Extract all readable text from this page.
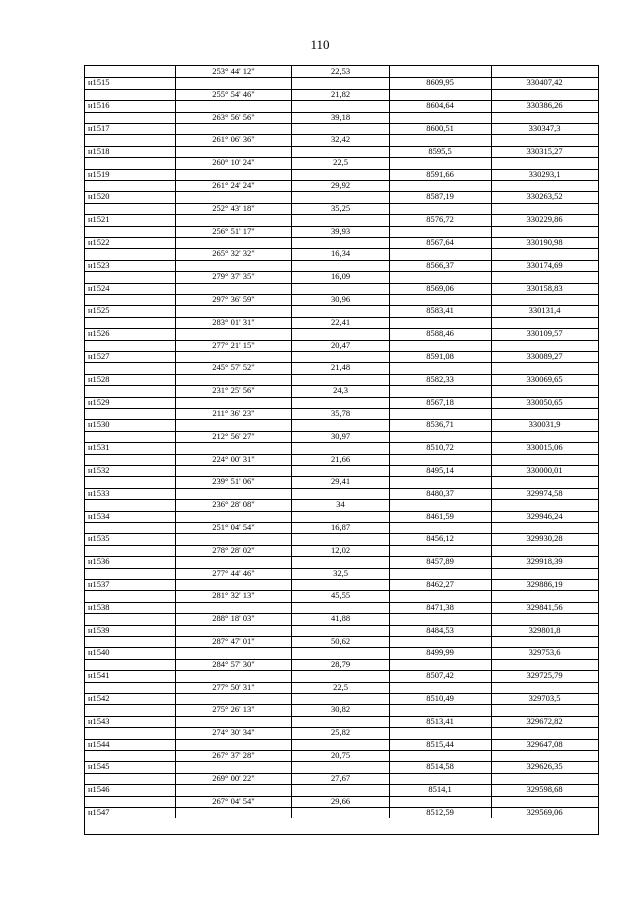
110
253° 44' 12"	22,53
н1515	8609,95	330407,42
255° 54' 46"	21,82
н1516	8604,64	330386,26
263° 56' 56"	39,18
н1517	8600,51	330347,3
261° 06' 36"	32,42
н1518	8595,5	330315,27
260° 10' 24"	22,5
н1519	8591,66	330293,1
261° 24' 24"	29,92
н1520	8587,19	330263,52
252° 43' 18"	35,25
н1521	8576,72	330229,86
256° 51' 17"	39,93
н1522	8567,64	330190,98
265° 32' 32"	16,34
н1523	8566,37	330174,69
279° 37' 35"	16,09
н1524	8569,06	330158,83
297° 36' 59"	30,96
н1525	8583,41	330131,4
283° 01' 31"	22,41
н1526	8588,46	330109,57
277° 21' 15"	20,47
н1527	8591,08	330089,27
245° 57' 52"	21,48
н1528	8582,33	330069,65
231° 25' 56"	24,3
н1529	8567,18	330050,65
211° 36' 23"	35,78
н1530	8536,71	330031,9
212° 56' 27"	30,97
н1531	8510,72	330015,06
224° 00' 31"	21,66
н1532	8495,14	330000,01
239° 51' 06"	29,41
н1533	8480,37	329974,58
236° 28' 08"	34
н1534	8461,59	329946,24
251° 04' 54"	16,87
н1535	8456,12	329930,28
278° 28' 02"	12,02
н1536	8457,89	329918,39
277° 44' 46"	32,5
н1537	8462,27	329886,19
281° 32' 13"	45,55
н1538	8471,38	329841,56
288° 18' 03"	41,88
н1539	8484,53	329801,8
287° 47' 01"	50,62
н1540	8499,99	329753,6
284° 57' 30"	28,79
н1541	8507,42	329725,79
277° 50' 31"	22,5
н1542	8510,49	329703,5
275° 26' 13"	30,82
н1543	8513,41	329672,82
274° 30' 34"	25,82
н1544	8515,44	329647,08
267° 37' 28"	20,75
н1545	8514,58	329626,35
269° 00' 22"	27,67
н1546	8514,1	329598,68
267° 04' 54"	29,66
н1547	8512,59	329569,06
